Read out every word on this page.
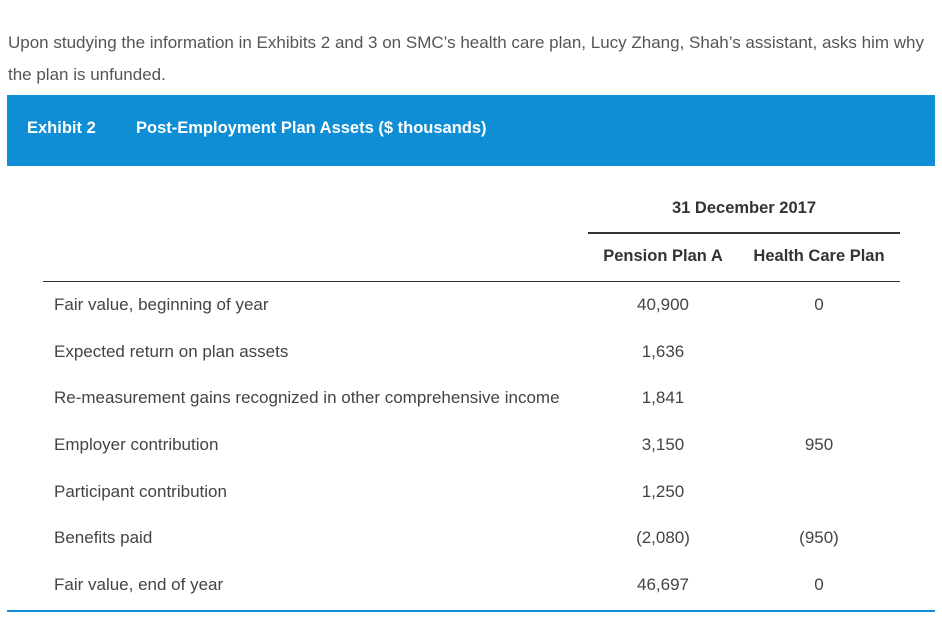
Upon studying the information in Exhibits 2 and 3 on SMC’s health care plan, Lucy Zhang, Shah’s assistant, asks him why the plan is unfunded.

Exhibit 2 Post-Employment Plan Assets ($ thousands)
31 December 2017
Pension Plan A	Health Care Plan
Fair value, beginning of year	40,900	0
Expected return on plan assets	1,636
Re-measurement gains recognized in other comprehensive income	1,841
Employer contribution	3,150	950
Participant contribution	1,250
Benefits paid	(2,080)	(950)
Fair value, end of year	46,697	0
